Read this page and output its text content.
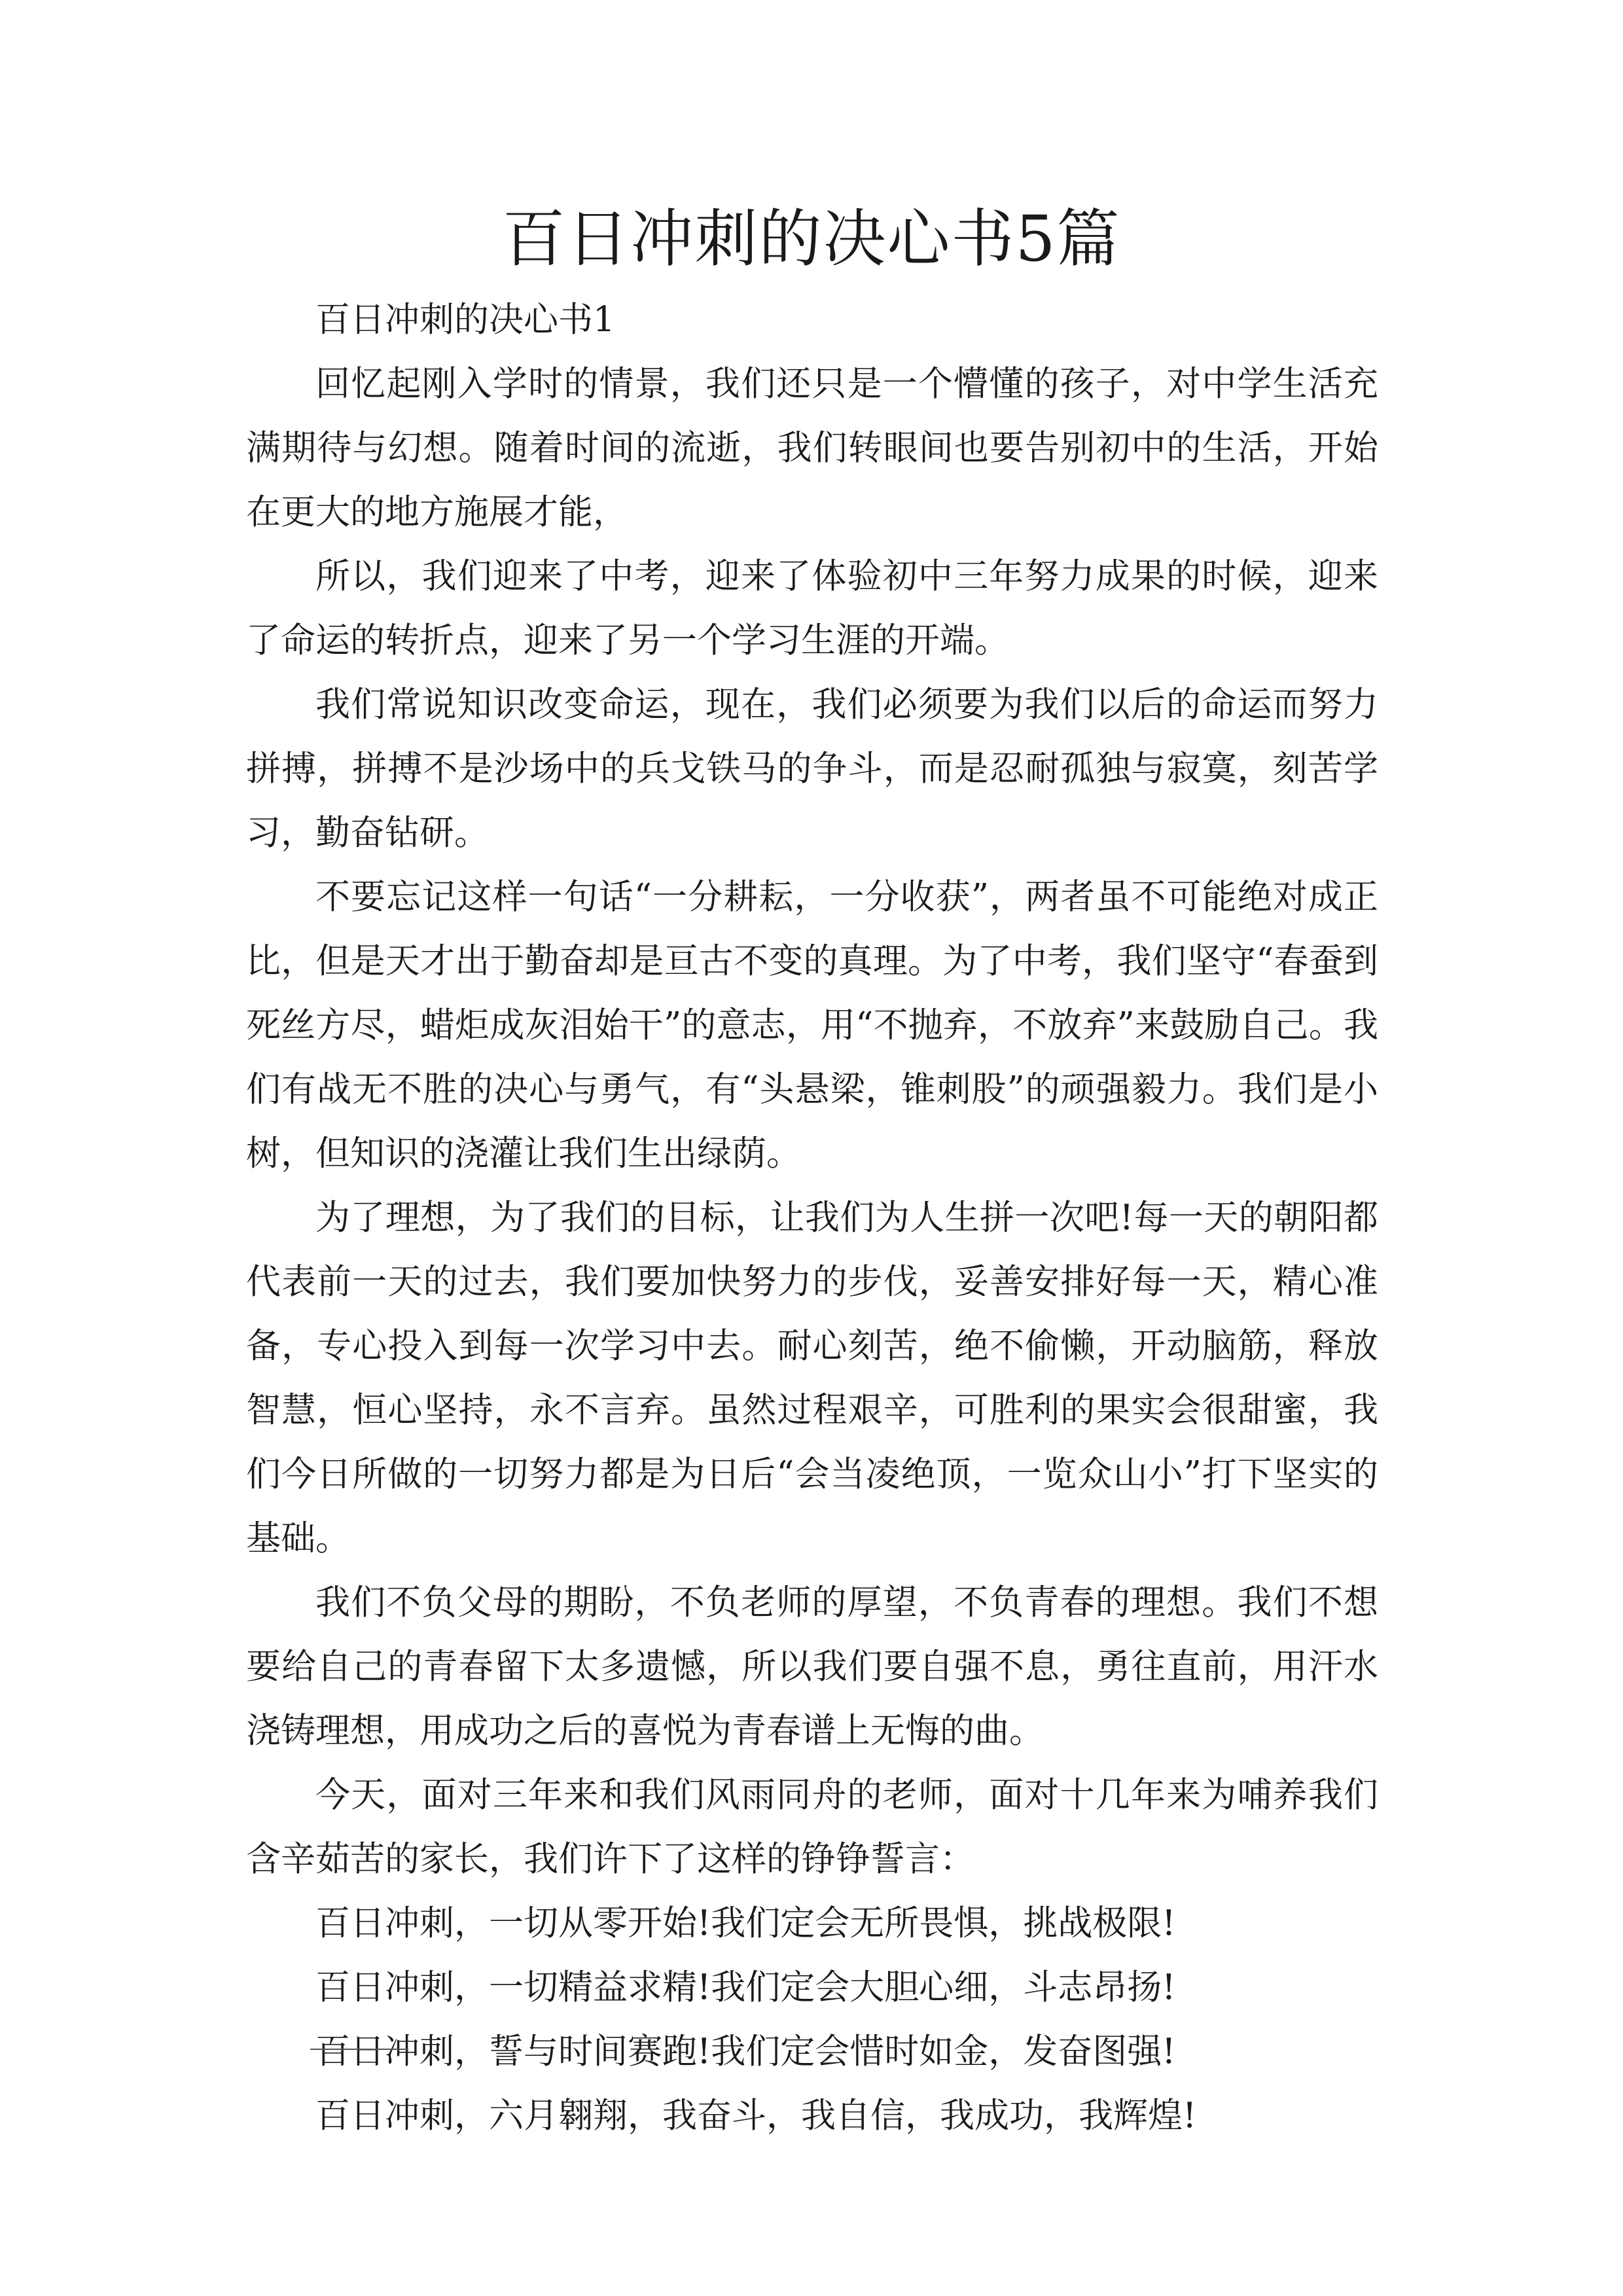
百日冲刺的决心书5篇

百日冲刺的决心书1

回忆起刚入学时的情景，我们还只是一个懵懂的孩子，对中学生活充满期待与幻想。随着时间的流逝，我们转眼间也要告别初中的生活，开始在更大的地方施展才能，

所以，我们迎来了中考，迎来了体验初中三年努力成果的时候，迎来了命运的转折点，迎来了另一个学习生涯的开端。

我们常说知识改变命运，现在，我们必须要为我们以后的命运而努力拼搏，拼搏不是沙场中的兵戈铁马的争斗，而是忍耐孤独与寂寞，刻苦学习，勤奋钻研。

不要忘记这样一句话“一分耕耘，一分收获”，两者虽不可能绝对成正比，但是天才出于勤奋却是亘古不变的真理。为了中考，我们坚守“春蚕到死丝方尽，蜡炬成灰泪始干”的意志，用“不抛弃，不放弃”来鼓励自己。我们有战无不胜的决心与勇气，有“头悬梁，锥刺股”的顽强毅力。我们是小树，但知识的浇灌让我们生出绿荫。

为了理想，为了我们的目标，让我们为人生拼一次吧!每一天的朝阳都代表前一天的过去，我们要加快努力的步伐，妥善安排好每一天，精心准备，专心投入到每一次学习中去。耐心刻苦，绝不偷懒，开动脑筋，释放智慧，恒心坚持，永不言弃。虽然过程艰辛，可胜利的果实会很甜蜜，我们今日所做的一切努力都是为日后“会当凌绝顶，一览众山小”打下坚实的基础。

我们不负父母的期盼，不负老师的厚望，不负青春的理想。我们不想要给自己的青春留下太多遗憾，所以我们要自强不息，勇往直前，用汗水浇铸理想，用成功之后的喜悦为青春谱上无悔的曲。

今天，面对三年来和我们风雨同舟的老师，面对十几年来为哺养我们含辛茹苦的家长，我们许下了这样的铮铮誓言：

百日冲刺，一切从零开始!我们定会无所畏惧，挑战极限!

百日冲刺，一切精益求精!我们定会大胆心细，斗志昂扬!

百日冲刺，誓与时间赛跑!我们定会惜时如金，发奋图强!

百日冲刺，六月翱翔，我奋斗，我自信，我成功，我辉煌!
